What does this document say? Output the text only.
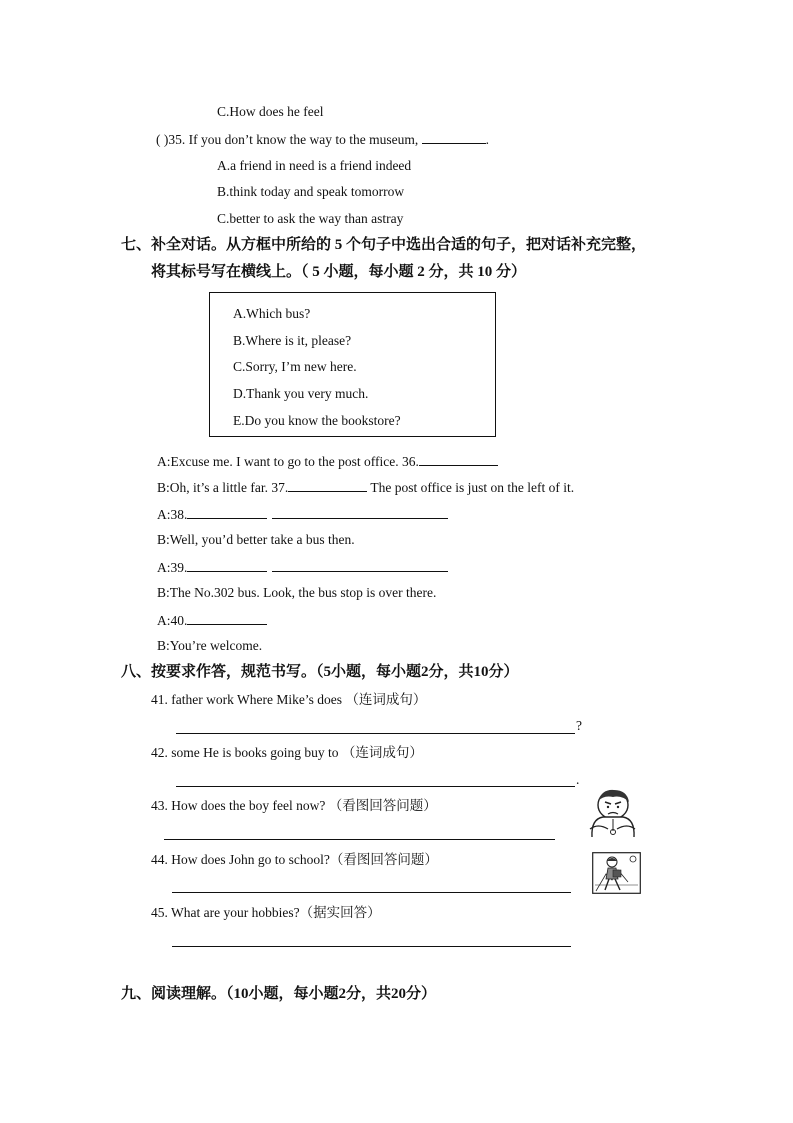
C.How does he feel
( )35. If you don’t know the way to the museum,	.
A.a friend in need is a friend indeed
B.think today and speak tomorrow
C.better to ask the way than astray
七、补全对话。从方框中所给的 5 个句子中选出合适的句子，把对话补充完整，
将其标号写在横线上。（ 5 小题，每小题 2 分，共 10 分）
A.Which bus?
B.Where is it, please?
C.Sorry, I’m new here.
D.Thank you very much.
E.Do you know the bookstore?
A:Excuse me. I want to go to the post office. 36.
B:Oh, it’s a little far. 37.	The post office is just on the left of it.
A:38.
B:Well, you’d better take a bus then.
A:39.
B:The No.302 bus. Look, the bus stop is over there.
A:40.
B:You’re welcome.
八、按要求作答，规范书写。（5小题，每小题2分，共10分）
41. father work Where Mike’s does （连词成句）
?
42. some He is books going buy to （连词成句）
.
43. How does the boy feel now? （看图回答问题）
44. How does John go to school?（看图回答问题）
45. What are your hobbies?（据实回答）
九、阅读理解。（10小题，每小题2分，共20分）
